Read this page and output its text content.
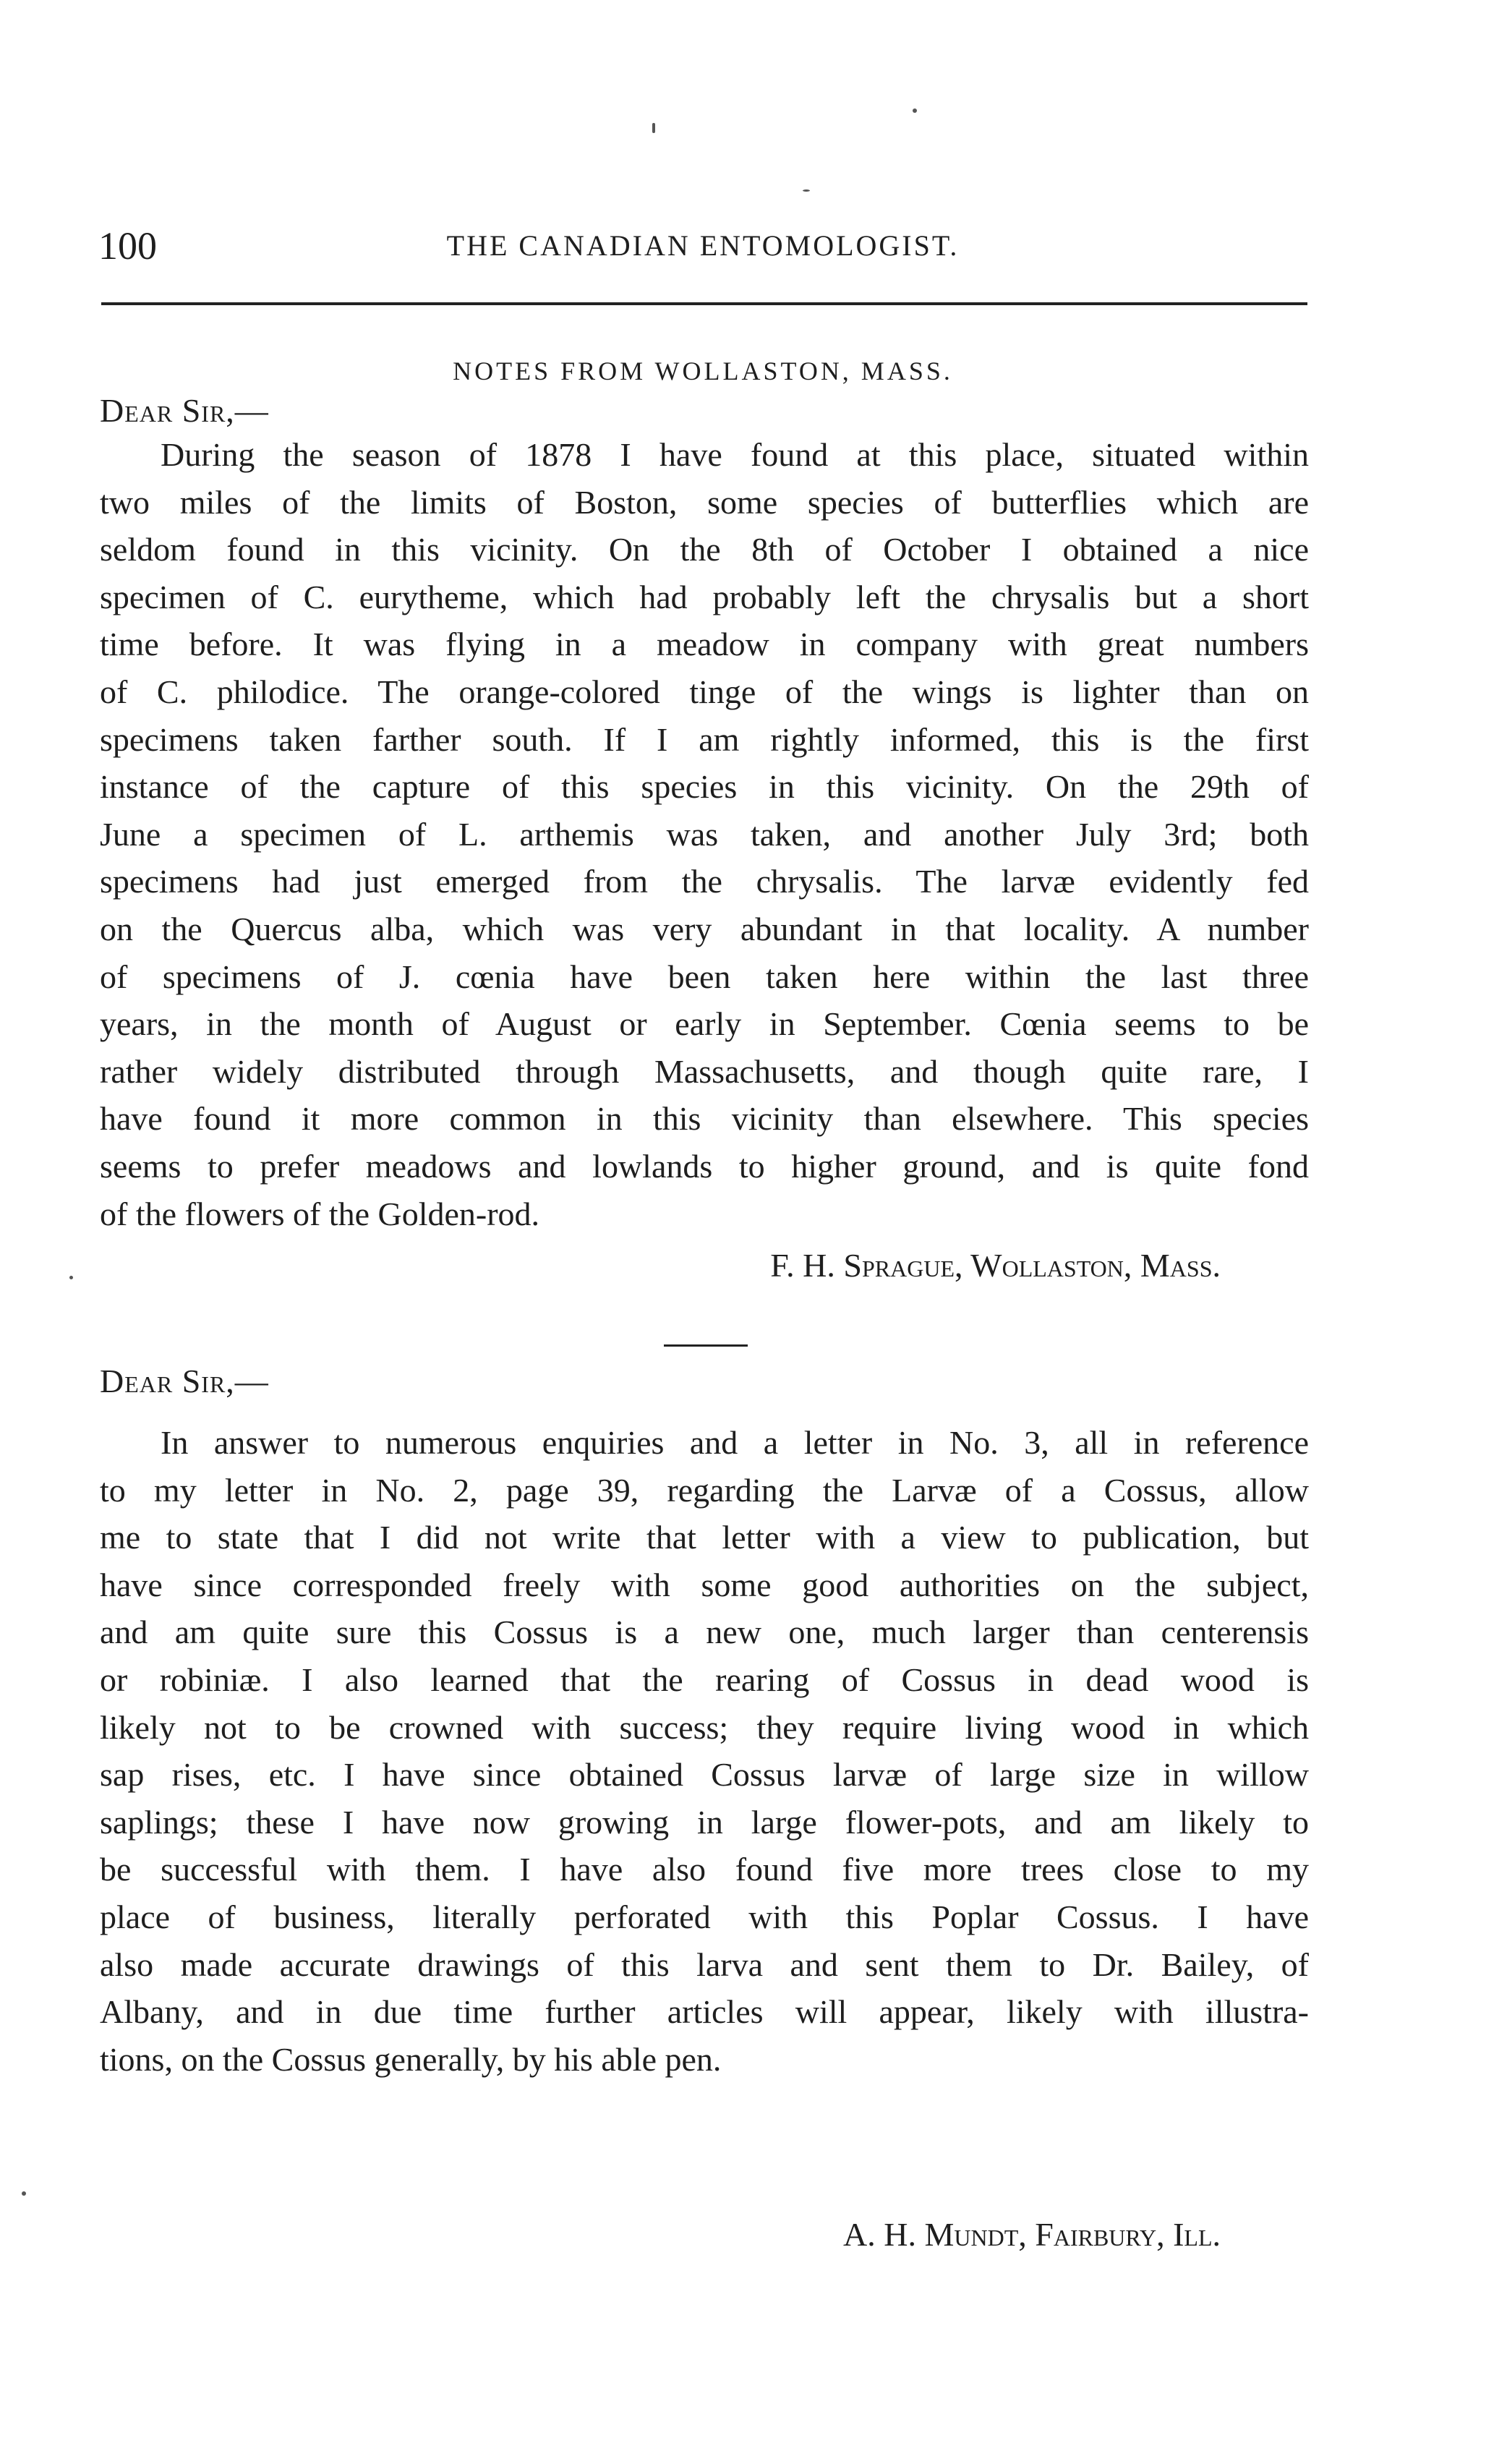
100	THE CANADIAN ENTOMOLOGIST.
NOTES FROM WOLLASTON, MASS.
Dear Sir,—
During the season of 1878 I have found at this place, situated within
two miles of the limits of Boston, some species of butterflies which are
seldom found in this vicinity. On the 8th of October I obtained a nice
specimen of C. eurytheme, which had probably left the chrysalis but a short
time before. It was flying in a meadow in company with great numbers
of C. philodice. The orange-colored tinge of the wings is lighter than on
specimens taken farther south. If I am rightly informed, this is the first
instance of the capture of this species in this vicinity. On the 29th of
June a specimen of L. arthemis was taken, and another July 3rd; both
specimens had just emerged from the chrysalis. The larvæ evidently fed
on the Quercus alba, which was very abundant in that locality. A number
of specimens of J. cœnia have been taken here within the last three
years, in the month of August or early in September. Cœnia seems to be
rather widely distributed through Massachusetts, and though quite rare, I
have found it more common in this vicinity than elsewhere. This species
seems to prefer meadows and lowlands to higher ground, and is quite fond
of the flowers of the Golden-rod.
F. H. Sprague, Wollaston, Mass.
Dear Sir,—
In answer to numerous enquiries and a letter in No. 3, all in reference
to my letter in No. 2, page 39, regarding the Larvæ of a Cossus, allow
me to state that I did not write that letter with a view to publication, but
have since corresponded freely with some good authorities on the subject,
and am quite sure this Cossus is a new one, much larger than centerensis
or robiniæ. I also learned that the rearing of Cossus in dead wood is
likely not to be crowned with success; they require living wood in which
sap rises, etc. I have since obtained Cossus larvæ of large size in willow
saplings; these I have now growing in large flower-pots, and am likely to
be successful with them. I have also found five more trees close to my
place of business, literally perforated with this Poplar Cossus. I have
also made accurate drawings of this larva and sent them to Dr. Bailey, of
Albany, and in due time further articles will appear, likely with illustra-
tions, on the Cossus generally, by his able pen.
A. H. Mundt, Fairbury, Ill.
